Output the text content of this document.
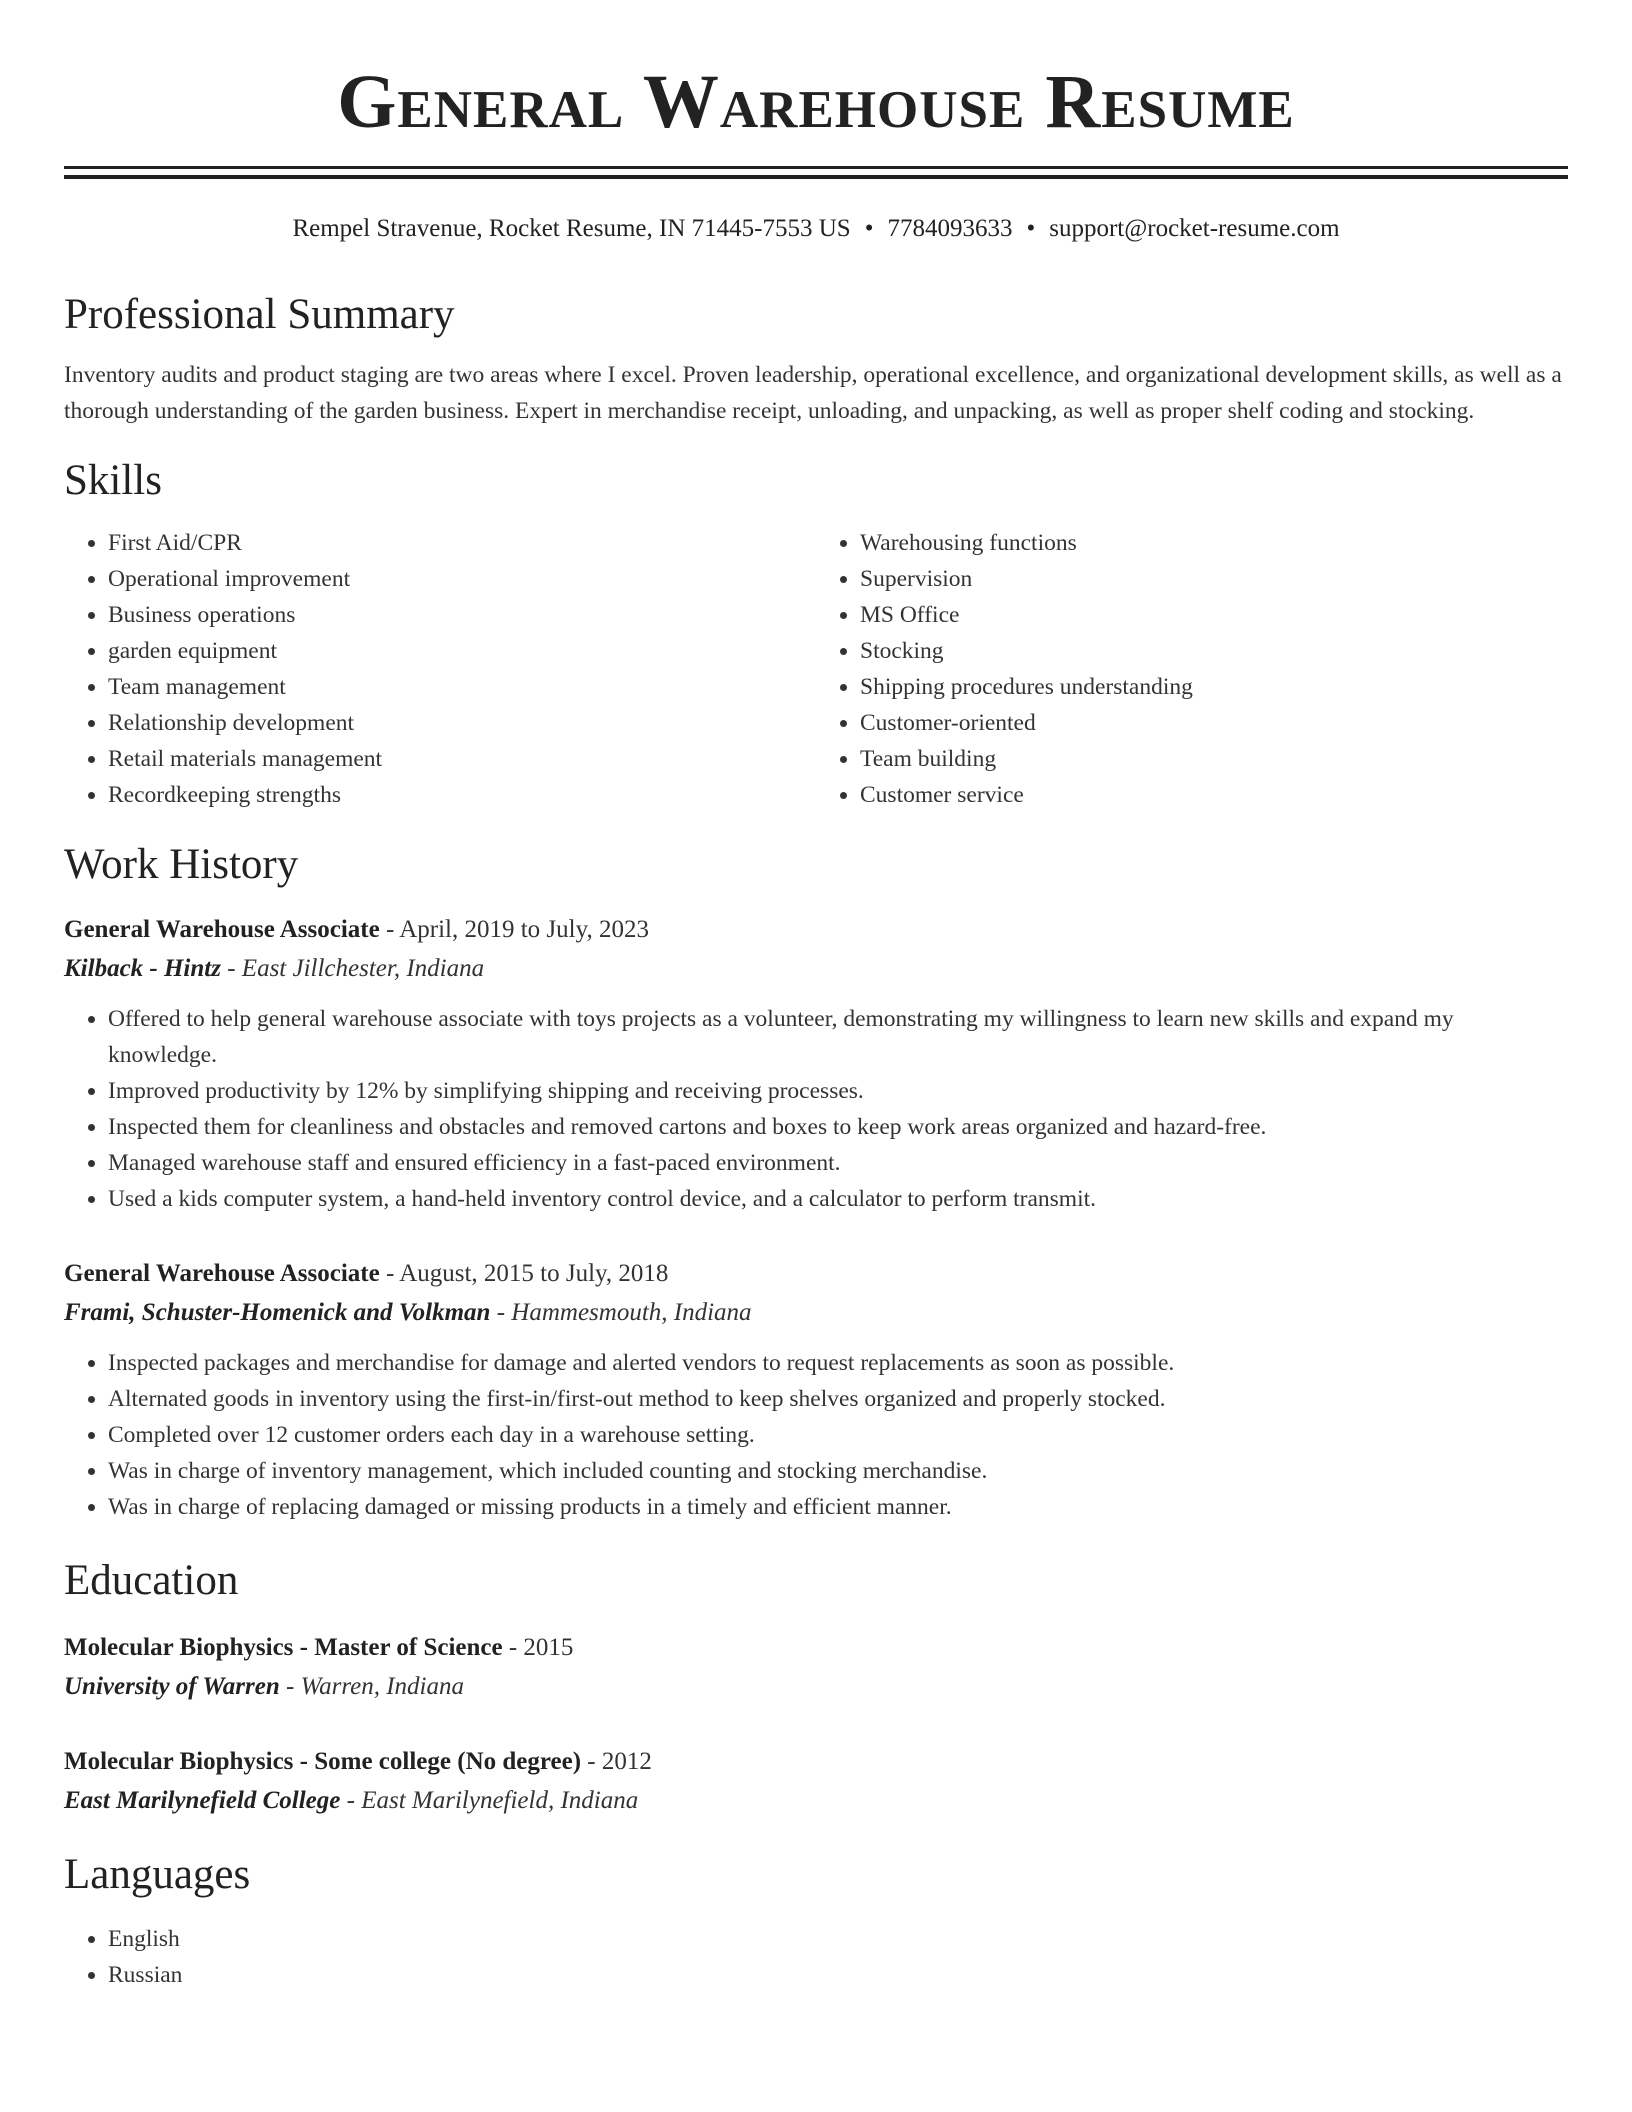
General Warehouse Resume
Rempel Stravenue, Rocket Resume, IN 71445-7553 US • 7784093633 • support@rocket-resume.com
Professional Summary

Inventory audits and product staging are two areas where I excel. Proven leadership, operational excellence, and organizational development skills, as well as a thorough understanding of the garden business. Expert in merchandise receipt, unloading, and unpacking, as well as proper shelf coding and stocking.

Skills
• First Aid/CPR
• Operational improvement
• Business operations
• garden equipment
• Team management
• Relationship development
• Retail materials management
• Recordkeeping strengths
• Warehousing functions
• Supervision
• MS Office
• Stocking
• Shipping procedures understanding
• Customer-oriented
• Team building
• Customer service
Work History
General Warehouse Associate - April, 2019 to July, 2023
Kilback - Hintz - East Jillchester, Indiana
• Offered to help general warehouse associate with toys projects as a volunteer, demonstrating my willingness to learn new skills and expand my knowledge.
• Improved productivity by 12% by simplifying shipping and receiving processes.
• Inspected them for cleanliness and obstacles and removed cartons and boxes to keep work areas organized and hazard-free.
• Managed warehouse staff and ensured efficiency in a fast-paced environment.
• Used a kids computer system, a hand-held inventory control device, and a calculator to perform transmit.
General Warehouse Associate - August, 2015 to July, 2018
Frami, Schuster-Homenick and Volkman - Hammesmouth, Indiana
• Inspected packages and merchandise for damage and alerted vendors to request replacements as soon as possible.
• Alternated goods in inventory using the first-in/first-out method to keep shelves organized and properly stocked.
• Completed over 12 customer orders each day in a warehouse setting.
• Was in charge of inventory management, which included counting and stocking merchandise.
• Was in charge of replacing damaged or missing products in a timely and efficient manner.
Education
Molecular Biophysics - Master of Science - 2015
University of Warren - Warren, Indiana
Molecular Biophysics - Some college (No degree) - 2012
East Marilynefield College - East Marilynefield, Indiana
Languages
• English
• Russian
